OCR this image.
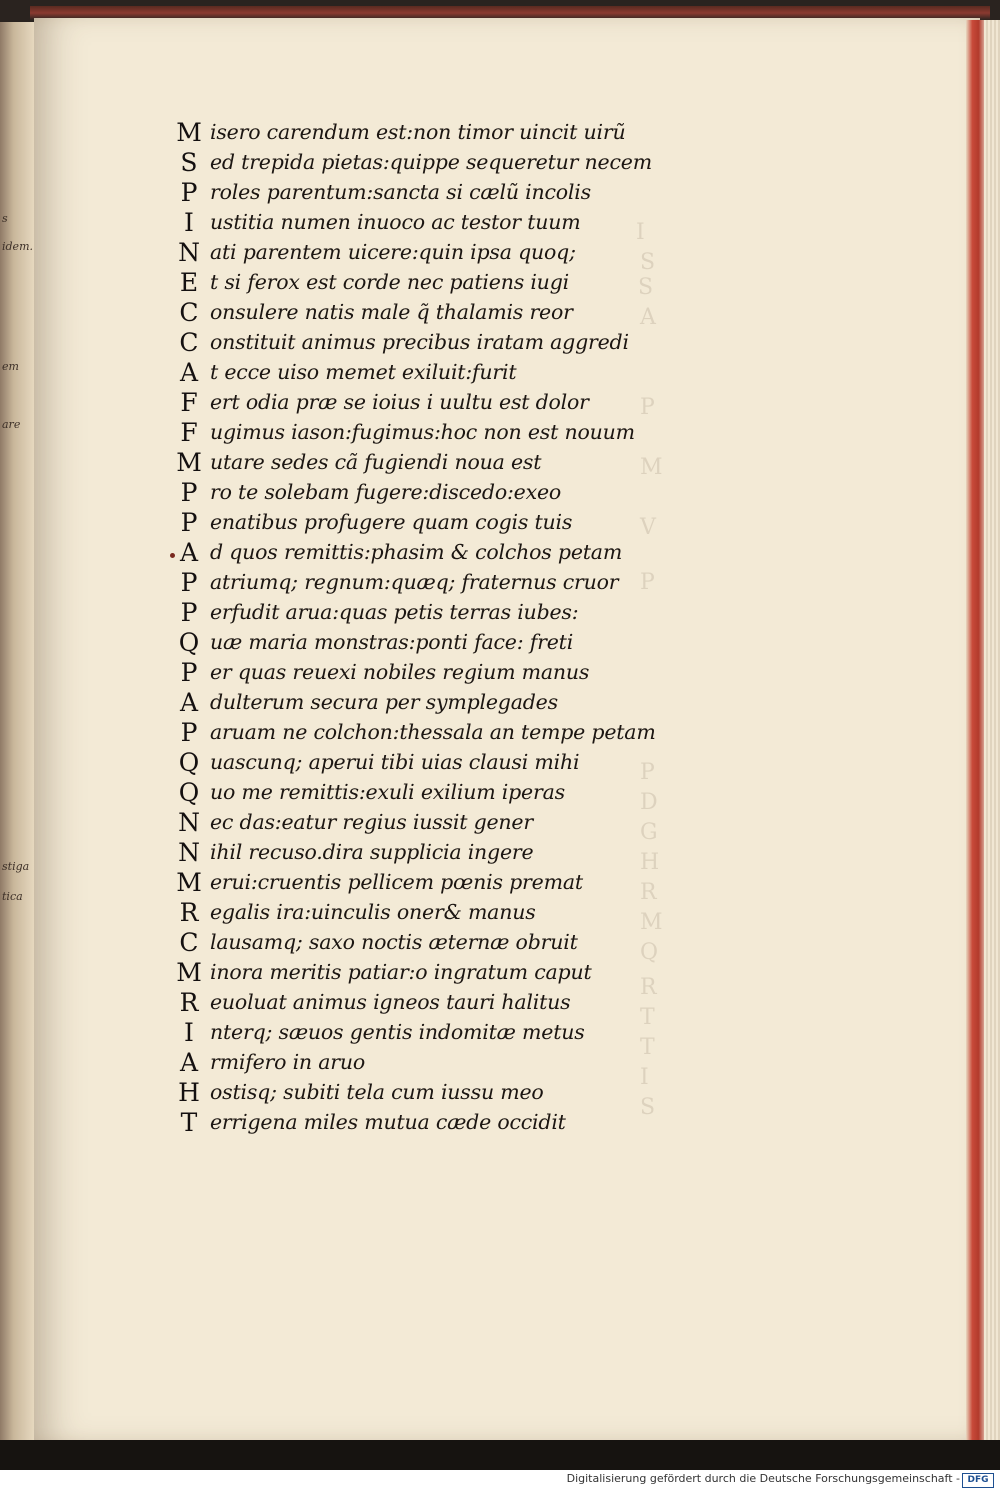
s
idem.
em
are
stiga
tica
I
S
S
A
P
M
V
P
P
D
G
H
R
M
Q
R
T
T
I
S
M isero carendum est:non timor uincit uirũ
S ed trepida pietas:quippe sequeretur necem
P roles parentum:sancta si cælũ incolis
I ustitia numen inuoco ac testor tuum
N ati parentem uicere:quin ipsa quoq;
E t si ferox est corde nec patiens iugi
C onsulere natis male q̃ thalamis reor
C onstituit animus precibus iratam aggredi
A t ecce uiso memet exiluit:furit
F ert odia præ se ioius i uultu est dolor
F ugimus iason:fugimus:hoc non est nouum
M utare sedes cã fugiendi noua est
P ro te solebam fugere:discedo:exeo
P enatibus profugere quam cogis tuis
A d quos remittis:phasim & colchos petam
P atriumq; regnum:quæq; fraternus cruor
P erfudit arua:quas petis terras iubes:
Q uæ maria monstras:ponti face: freti
P er quas reuexi nobiles regium manus
A dulterum secura per symplegades
P aruam ne colchon:thessala an tempe petam
Q uascunq; aperui tibi uias clausi mihi
Q uo me remittis:exuli exilium iperas
N ec das:eatur regius iussit gener
N ihil recuso.dira supplicia ingere
M erui:cruentis pellicem pœnis premat
R egalis ira:uinculis oner& manus
C lausamq; saxo noctis æternæ obruit
M inora meritis patiar:o ingratum caput
R euoluat animus igneos tauri halitus
I nterq; sæuos gentis indomitæ metus
A rmifero in aruo
H ostisq; subiti tela cum iussu meo
T errigena miles mutua cæde occidit
Digitalisierung gefördert durch die Deutsche Forschungsgemeinschaft - DFG
